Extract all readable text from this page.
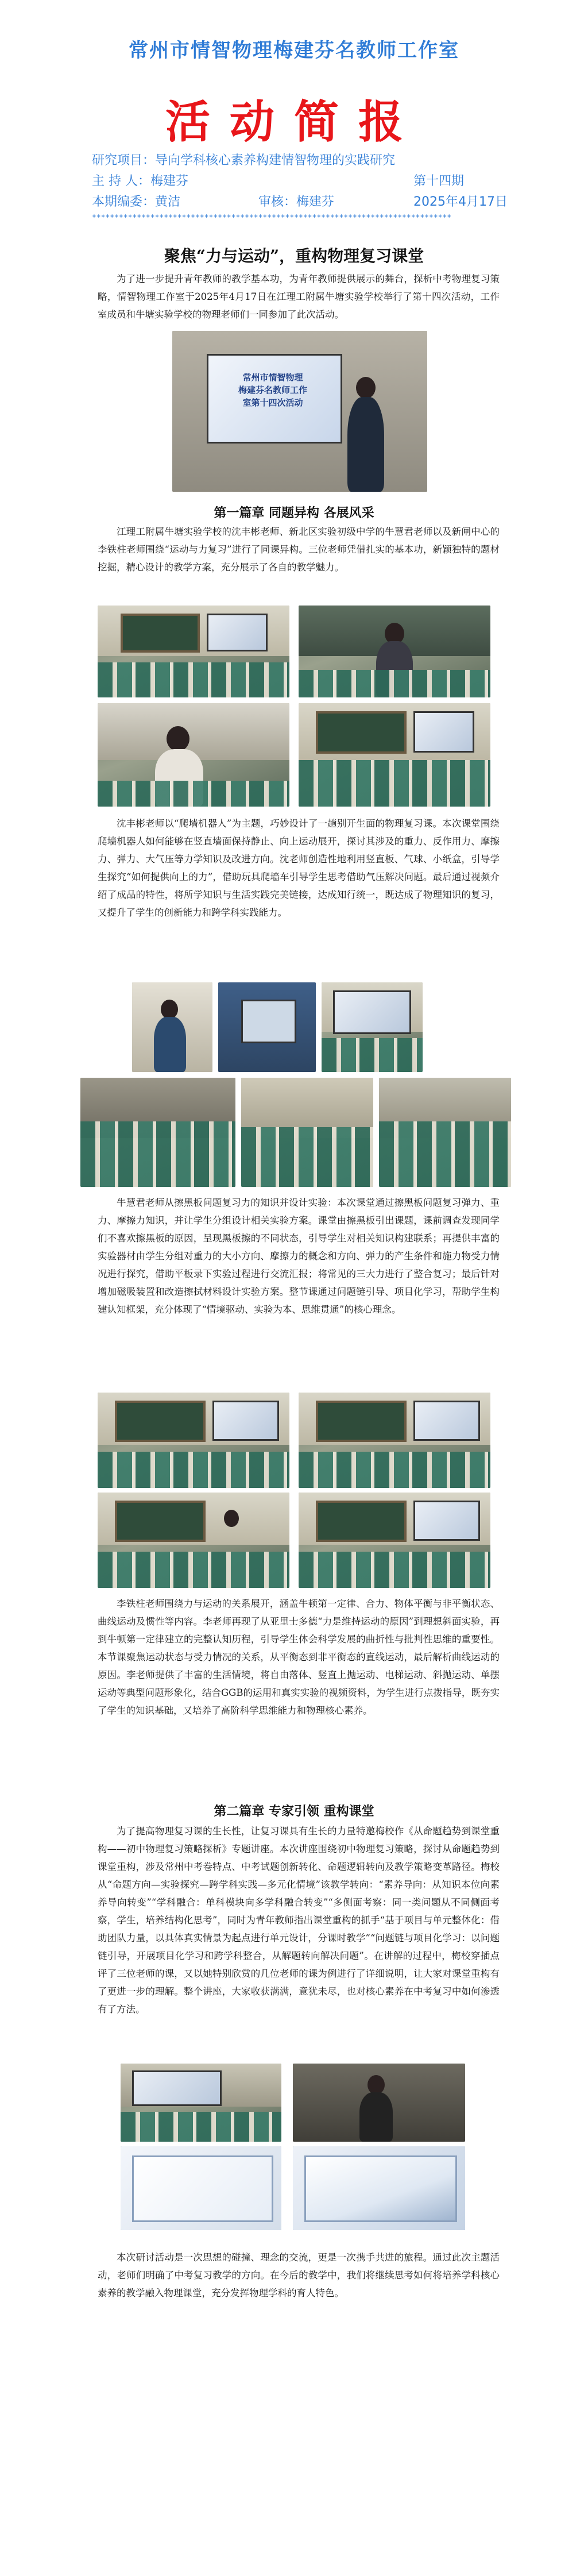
常州市情智物理梅建芬名教师工作室
活动简报
研究项目：导向学科核心素养构建情智物理的实践研究
主 持 人：梅建芬	第十四期
本期编委：黄洁	审核：梅建芬	2025年4月17日
********************************************************************************
聚焦“力与运动”，重构物理复习课堂
为了进一步提升青年教师的教学基本功，为青年教师提供展示的舞台，探析中考物理复习策略，情智物理工作室于2025年4月17日在江理工附属牛塘实验学校举行了第十四次活动，工作室成员和牛塘实验学校的物理老师们一同参加了此次活动。
常州市情智物理
梅建芬名教师工作
室第十四次活动
第一篇章 同题异构 各展风采
江理工附属牛塘实验学校的沈丰彬老师、新北区实验初级中学的牛慧君老师以及新闸中心的李铁柱老师围绕“运动与力复习”进行了同课异构。三位老师凭借扎实的基本功，新颖独特的题材挖掘，精心设计的教学方案，充分展示了各自的教学魅力。
沈丰彬老师以“爬墙机器人”为主题，巧妙设计了一趟别开生面的物理复习课。本次课堂围绕爬墙机器人如何能够在竖直墙面保持静止、向上运动展开，探讨其涉及的重力、反作用力、摩擦力、弹力、大气压等力学知识及改进方向。沈老师创造性地利用竖直板、气球、小纸盒，引导学生探究“如何提供向上的力”，借助玩具爬墙车引导学生思考借助气压解决问题。最后通过视频介绍了成品的特性，将所学知识与生活实践完美链接，达成知行统一，既达成了物理知识的复习，又提升了学生的创新能力和跨学科实践能力。
牛慧君老师从擦黑板问题复习力的知识并设计实验：本次课堂通过擦黑板问题复习弹力、重力、摩擦力知识，并让学生分组设计相关实验方案。课堂由擦黑板引出课题，课前调查发现同学们不喜欢擦黑板的原因，呈现黑板擦的不同状态，引导学生对相关知识构建联系；再提供丰富的实验器材由学生分组对重力的大小方向、摩擦力的概念和方向、弹力的产生条件和施力物受力情况进行探究，借助平板录下实验过程进行交流汇报；将常见的三大力进行了整合复习；最后针对增加磁吸装置和改造擦拭材料设计实验方案。整节课通过问题链引导、项目化学习，帮助学生构建认知框架，充分体现了“情境驱动、实验为本、思维贯通”的核心理念。
李铁柱老师围绕力与运动的关系展开，涵盖牛顿第一定律、合力、物体平衡与非平衡状态、曲线运动及惯性等内容。李老师再现了从亚里士多德“力是维持运动的原因”到理想斜面实验，再到牛顿第一定律建立的完整认知历程，引导学生体会科学发展的曲折性与批判性思维的重要性。本节课聚焦运动状态与受力情况的关系，从平衡态到非平衡态的直线运动，最后解析曲线运动的原因。李老师提供了丰富的生活情境，将自由落体、竖直上抛运动、电梯运动、斜抛运动、单摆运动等典型问题形象化，结合GGB的运用和真实实验的视频资料，为学生进行点拨指导，既夯实了学生的知识基础，又培养了高阶科学思维能力和物理核心素养。
第二篇章 专家引领 重构课堂
为了提高物理复习课的生长性，让复习课具有生长的力量特邀梅校作《从命题趋势到课堂重构——初中物理复习策略探析》专题讲座。本次讲座围绕初中物理复习策略，探讨从命题趋势到课堂重构，涉及常州中考卷特点、中考试题创新转化、命题逻辑转向及教学策略变革路径。梅校从“命题方向—实验探究—跨学科实践—多元化情境”该教学转向：“素养导向：从知识本位向素养导向转变”“学科融合：单科模块向多学科融合转变”“多侧面考察：同一类问题从不同侧面考察，学生，培养结构化思考”，同时为青年教师指出课堂重构的抓手“基于项目与单元整体化：借助团队力量，以具体真实情景为起点进行单元设计，分课时教学”“问题链与项目化学习：以问题链引导，开展项目化学习和跨学科整合，从解题转向解决问题”。在讲解的过程中，梅校穿插点评了三位老师的课，又以她特别欣赏的几位老师的课为例进行了详细说明，让大家对课堂重构有了更进一步的理解。整个讲座，大家收获满满，意犹未尽，也对核心素养在中考复习中如何渗透有了方法。
本次研讨活动是一次思想的碰撞、理念的交流，更是一次携手共进的旅程。通过此次主题活动，老师们明确了中考复习教学的方向。在今后的教学中，我们将继续思考如何将培养学科核心素养的教学融入物理课堂，充分发挥物理学科的育人特色。
